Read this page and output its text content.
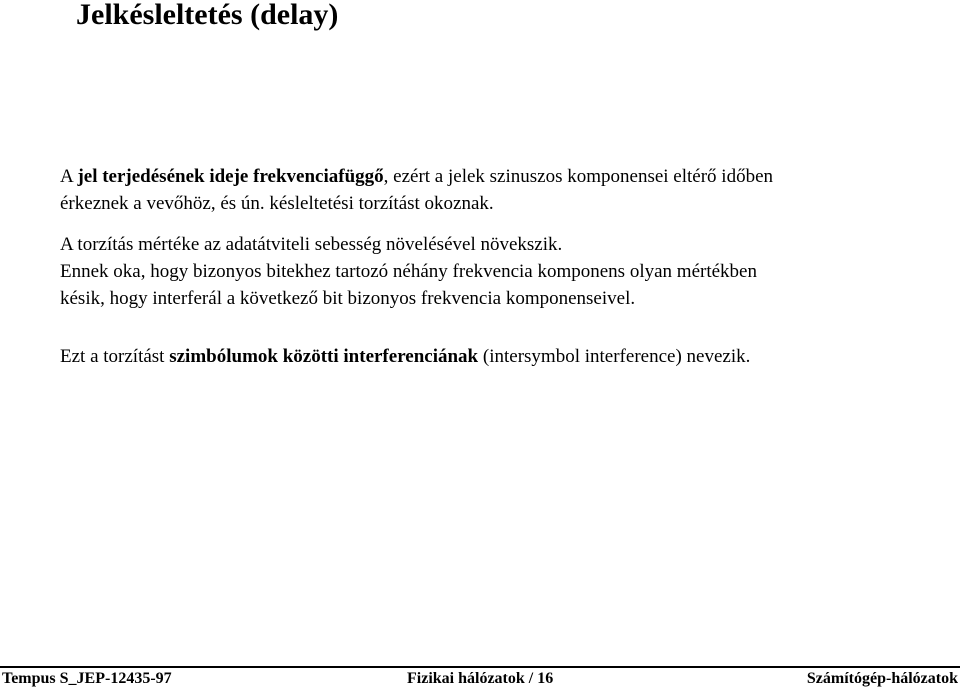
Jelkésleltetés (delay)

A jel terjedésének ideje frekvenciafüggő, ezért a jelek szinuszos komponensei eltérő időben
érkeznek a vevőhöz, és ún. késleltetési torzítást okoznak.

A torzítás mértéke az adatátviteli sebesség növelésével növekszik.
Ennek oka, hogy bizonyos bitekhez tartozó néhány frekvencia komponens olyan mértékben
késik, hogy interferál a következő bit bizonyos frekvencia komponenseivel.

Ezt a torzítást szimbólumok közötti interferenciának (intersymbol interference) nevezik.

Tempus S_JEP-12435-97	Fizikai hálózatok / 16	Számítógép-hálózatok
